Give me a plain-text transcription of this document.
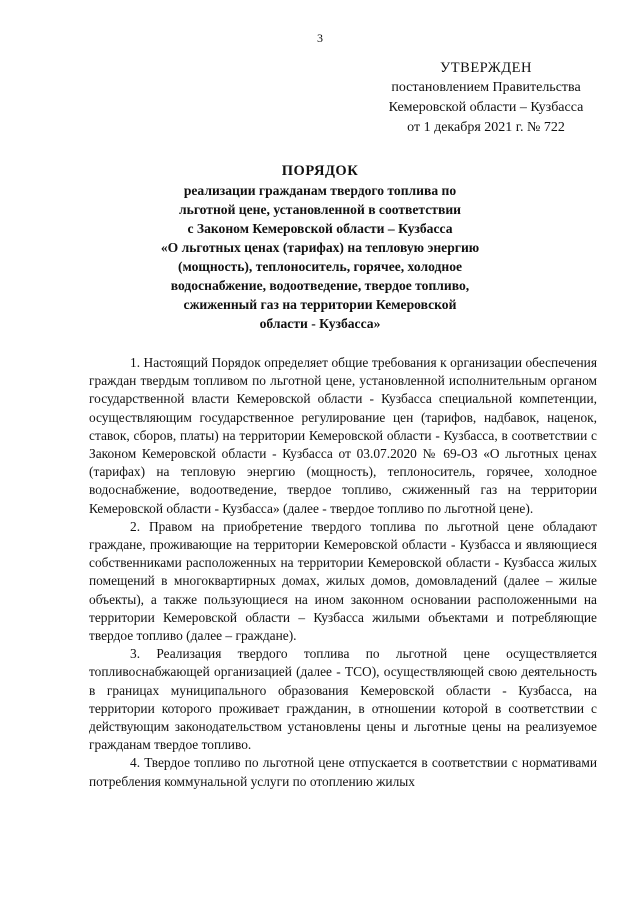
3
УТВЕРЖДЕН
постановлением Правительства
Кемеровской области – Кузбасса
от 1 декабря 2021 г. № 722
ПОРЯДОК
реализации гражданам твердого топлива по
льготной цене, установленной в соответствии
с Законом Кемеровской области – Кузбасса
«О льготных ценах (тарифах) на тепловую энергию
(мощность), теплоноситель, горячее, холодное
водоснабжение, водоотведение, твердое топливо,
сжиженный газ на территории Кемеровской
области - Кузбасса»

1. Настоящий Порядок определяет общие требования к организации обеспечения граждан твердым топливом по льготной цене, установленной исполнительным органом государственной власти Кемеровской области - Кузбасса специальной компетенции, осуществляющим государственное регулирование цен (тарифов, надбавок, наценок, ставок, сборов, платы) на территории Кемеровской области - Кузбасса, в соответствии с Законом Кемеровской области - Кузбасса от 03.07.2020 № 69-ОЗ «О льготных ценах (тарифах) на тепловую энергию (мощность), теплоноситель, горячее, холодное водоснабжение, водоотведение, твердое топливо, сжиженный газ на территории Кемеровской области - Кузбасса» (далее - твердое топливо по льготной цене).

2. Правом на приобретение твердого топлива по льготной цене обладают граждане, проживающие на территории Кемеровской области - Кузбасса и являющиеся собственниками расположенных на территории Кемеровской области - Кузбасса жилых помещений в многоквартирных домах, жилых домов, домовладений (далее – жилые объекты), а также пользующиеся на ином законном основании расположенными на территории Кемеровской области – Кузбасса жилыми объектами и потребляющие твердое топливо (далее – граждане).

3. Реализация твердого топлива по льготной цене осуществляется топливоснабжающей организацией (далее - ТСО), осуществляющей свою деятельность в границах муниципального образования Кемеровской области - Кузбасса, на территории которого проживает гражданин, в отношении которой в соответствии с действующим законодательством установлены цены и льготные цены на реализуемое гражданам твердое топливо.

4. Твердое топливо по льготной цене отпускается в соответствии с нормативами потребления коммунальной услуги по отоплению жилых
